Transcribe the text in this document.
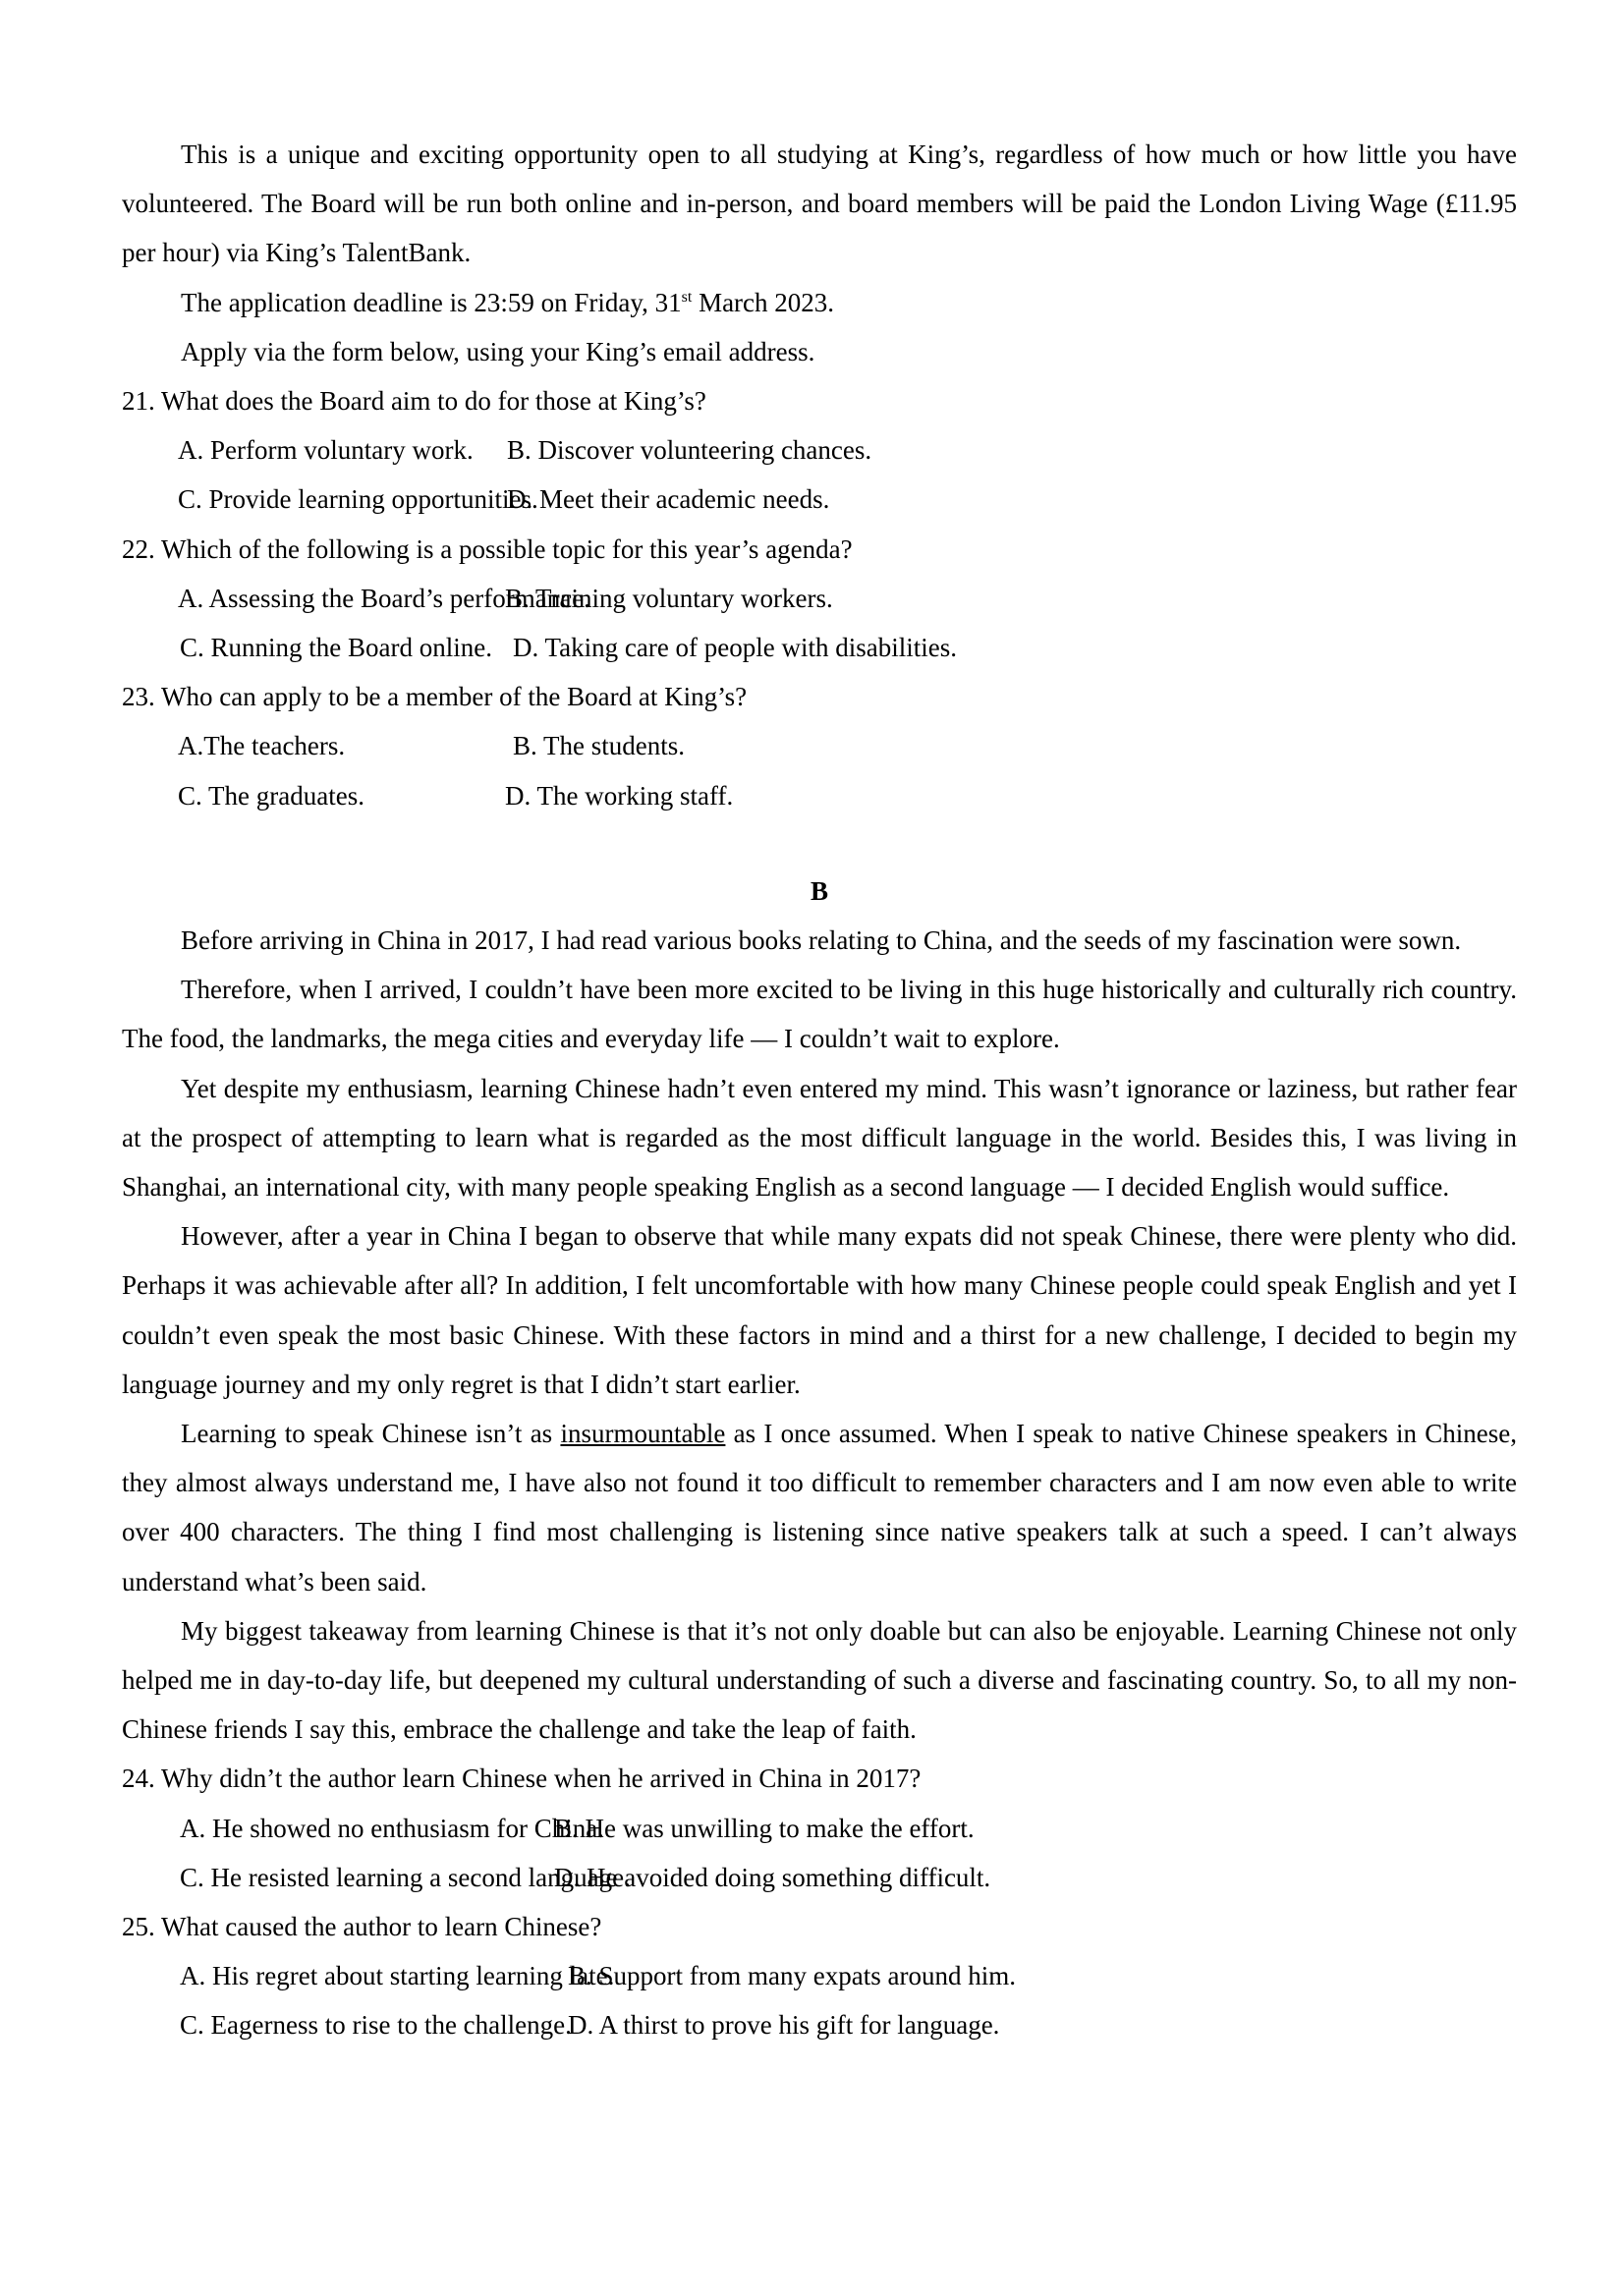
This is a unique and exciting opportunity open to all studying at King’s, regardless of how much or how little you have volunteered. The Board will be run both online and in-person, and board members will be paid the London Living Wage (£11.95 per hour) via King’s TalentBank.

The application deadline is 23:59 on Friday, 31st March 2023.

Apply via the form below, using your King’s email address.

21. What does the Board aim to do for those at King’s?
A. Perform voluntary work.	B. Discover volunteering chances.
C. Provide learning opportunities.
D. Meet their academic needs.
22. Which of the following is a possible topic for this year’s agenda?
A. Assessing the Board’s performance.
B. Training voluntary workers.
C. Running the Board online. D. Taking care of people with disabilities.
23. Who can apply to be a member of the Board at King’s?
A.The teachers.	B. The students.
C. The graduates.	D. The working staff.
B

Before arriving in China in 2017, I had read various books relating to China, and the seeds of my fascination were sown.

Therefore, when I arrived, I couldn’t have been more excited to be living in this huge historically and culturally rich country. The food, the landmarks, the mega cities and everyday life — I couldn’t wait to explore.

Yet despite my enthusiasm, learning Chinese hadn’t even entered my mind. This wasn’t ignorance or laziness, but rather fear at the prospect of attempting to learn what is regarded as the most difficult language in the world. Besides this, I was living in Shanghai, an international city, with many people speaking English as a second language — I decided English would suffice.

However, after a year in China I began to observe that while many expats did not speak Chinese, there were plenty who did. Perhaps it was achievable after all? In addition, I felt uncomfortable with how many Chinese people could speak English and yet I couldn’t even speak the most basic Chinese. With these factors in mind and a thirst for a new challenge, I decided to begin my language journey and my only regret is that I didn’t start earlier.

Learning to speak Chinese isn’t as insurmountable as I once assumed. When I speak to native Chinese speakers in Chinese, they almost always understand me, I have also not found it too difficult to remember characters and I am now even able to write over 400 characters. The thing I find most challenging is listening since native speakers talk at such a speed. I can’t always understand what’s been said.

My biggest takeaway from learning Chinese is that it’s not only doable but can also be enjoyable. Learning Chinese not only helped me in day-to-day life, but deepened my cultural understanding of such a diverse and fascinating country. So, to all my non-Chinese friends I say this, embrace the challenge and take the leap of faith.

24. Why didn’t the author learn Chinese when he arrived in China in 2017?
A. He showed no enthusiasm for China.
B. He was unwilling to make the effort.
C. He resisted learning a second language.
D. He avoided doing something difficult.
25. What caused the author to learn Chinese?
A. His regret about starting learning late.
B. Support from many expats around him.
C. Eagerness to rise to the challenge.
D. A thirst to prove his gift for language.
